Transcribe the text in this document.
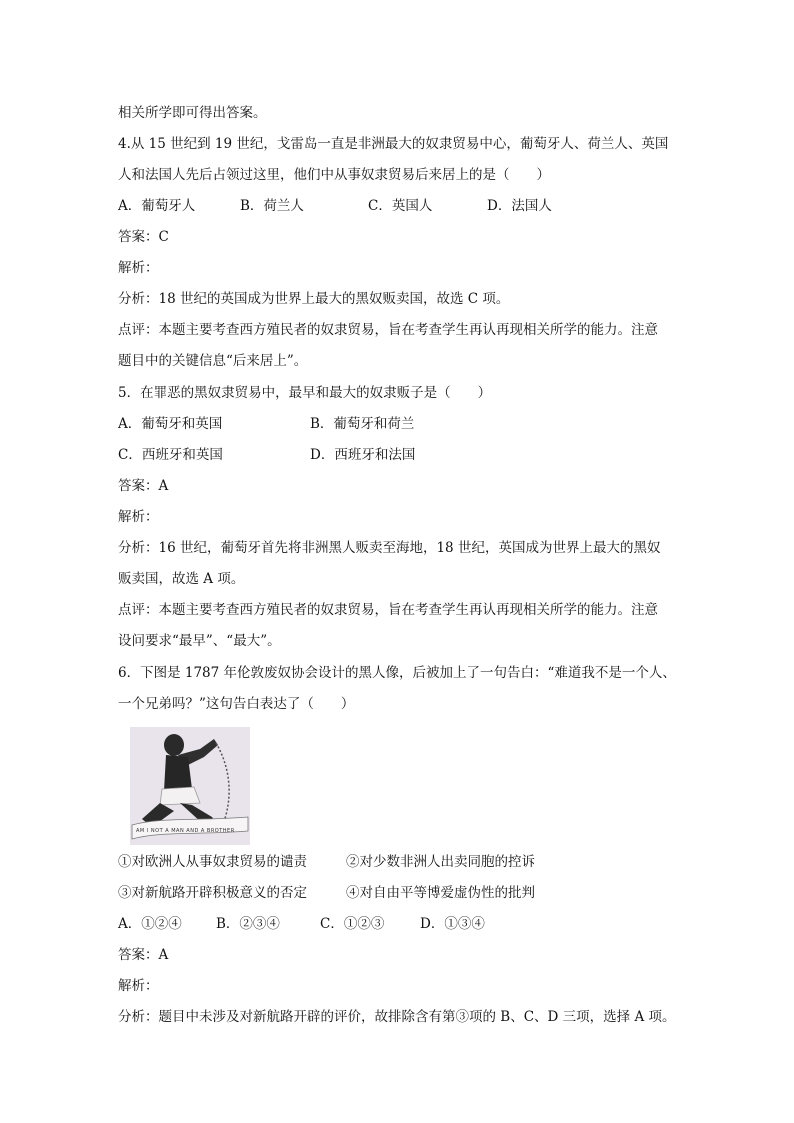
相关所学即可得出答案。
4.从 15 世纪到 19 世纪，戈雷岛一直是非洲最大的奴隶贸易中心，葡萄牙人、荷兰人、英国
人和法国人先后占领过这里，他们中从事奴隶贸易后来居上的是（　　）
A．葡萄牙人	B．荷兰人	C．英国人	D．法国人
答案：C
解析：
分析：18 世纪的英国成为世界上最大的黑奴贩卖国，故选 C 项。
点评：本题主要考查西方殖民者的奴隶贸易，旨在考查学生再认再现相关所学的能力。注意
题目中的关键信息“后来居上”。
5．在罪恶的黑奴隶贸易中，最早和最大的奴隶贩子是（　　）
A．葡萄牙和英国	B．葡萄牙和荷兰
C．西班牙和英国	D．西班牙和法国
答案：A
解析：
分析：16 世纪，葡萄牙首先将非洲黑人贩卖至海地，18 世纪，英国成为世界上最大的黑奴
贩卖国，故选 A 项。
点评：本题主要考查西方殖民者的奴隶贸易，旨在考查学生再认再现相关所学的能力。注意
设问要求“最早”、“最大”。
6．下图是 1787 年伦敦废奴协会设计的黑人像，后被加上了一句告白：“难道我不是一个人、
一个兄弟吗？”这句告白表达了（　　）
AM I NOT A MAN AND A BROTHER
①对欧洲人从事奴隶贸易的谴责	②对少数非洲人出卖同胞的控诉
③对新航路开辟积极意义的否定	④对自由平等博爱虚伪性的批判
A．①②④	B．②③④	C．①②③	D．①③④
答案：A
解析：
分析：题目中未涉及对新航路开辟的评价，故排除含有第③项的 B、C、D 三项，选择 A 项。
